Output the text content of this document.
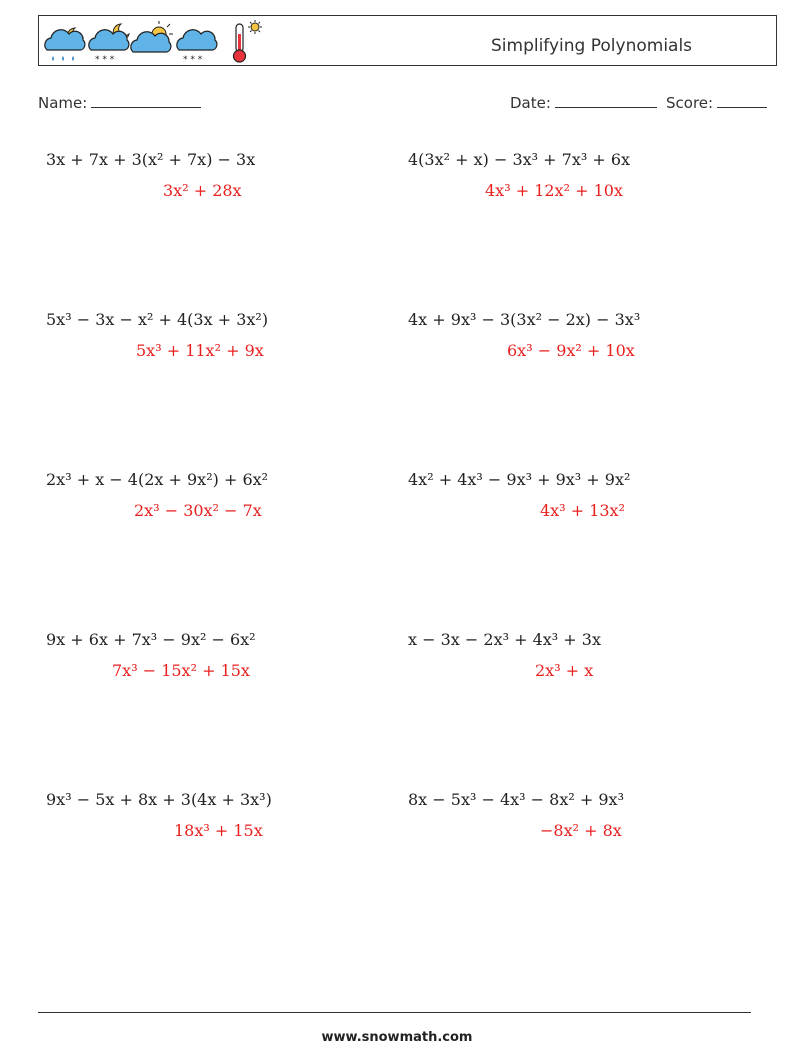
* * *	* * *
Simplifying Polynomials
Name:	Date:	Score:
3x + 7x + 3(x² + 7x) − 3x
3x² + 28x
5x³ − 3x − x² + 4(3x + 3x²)
5x³ + 11x² + 9x
2x³ + x − 4(2x + 9x²) + 6x²
2x³ − 30x² − 7x
9x + 6x + 7x³ − 9x² − 6x²
7x³ − 15x² + 15x
9x³ − 5x + 8x + 3(4x + 3x³)
18x³ + 15x
4(3x² + x) − 3x³ + 7x³ + 6x
4x³ + 12x² + 10x
4x + 9x³ − 3(3x² − 2x) − 3x³
6x³ − 9x² + 10x
4x² + 4x³ − 9x³ + 9x³ + 9x²
4x³ + 13x²
x − 3x − 2x³ + 4x³ + 3x
2x³ + x
8x − 5x³ − 4x³ − 8x² + 9x³
−8x² + 8x
www.snowmath.com
